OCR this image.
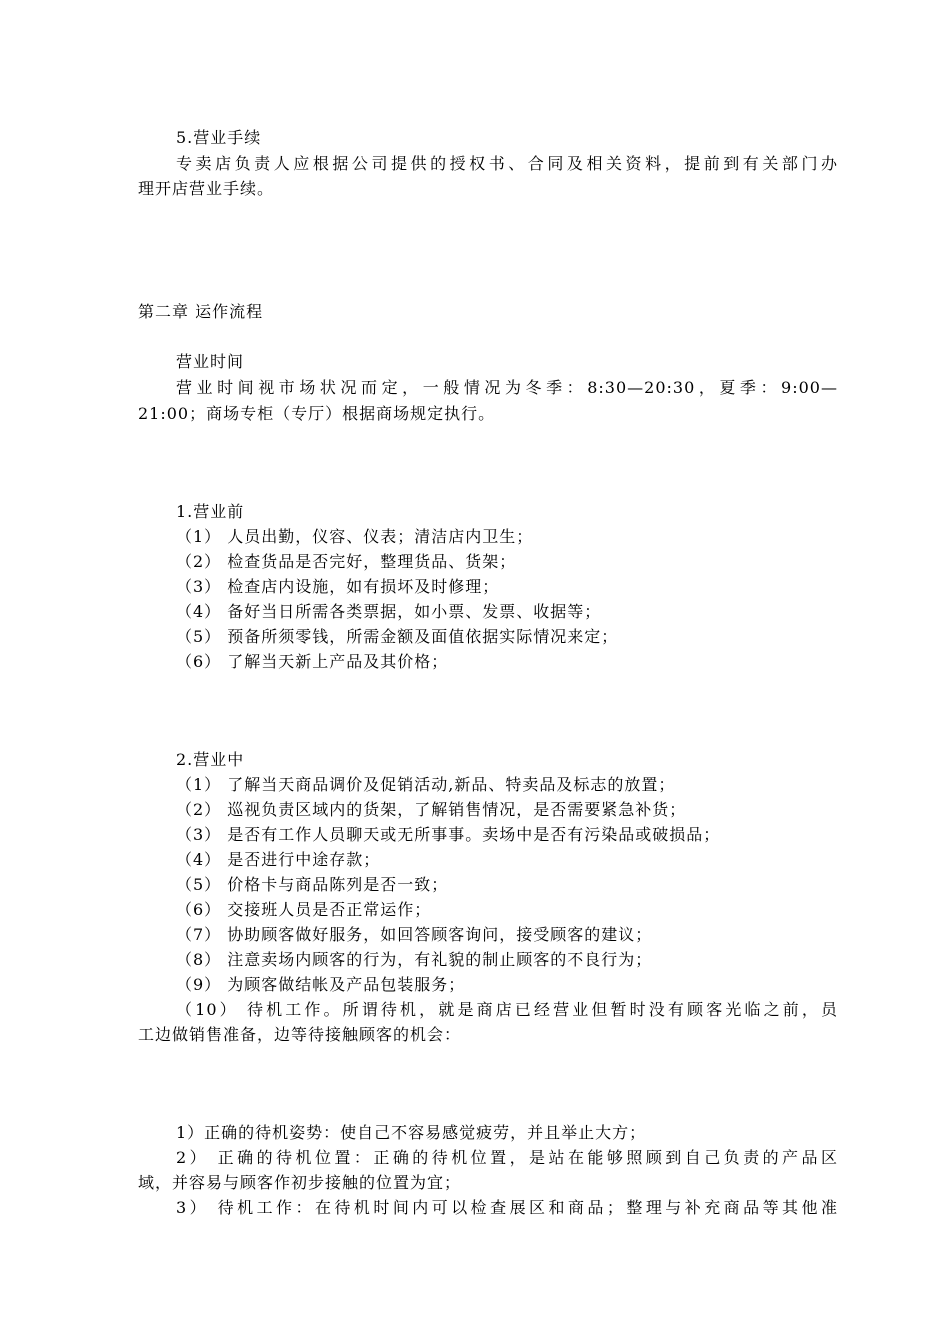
5.营业手续
专卖店负责人应根据公司提供的授权书、合同及相关资料，提前到有关部门办
理开店营业手续。
第二章 运作流程
营业时间
营业时间视市场状况而定，一般情况为冬季：8:30—20:30，夏季：9:00—
21:00；商场专柜（专厅）根据商场规定执行。
1.营业前
（1） 人员出勤，仪容、仪表；清洁店内卫生；
（2） 检查货品是否完好，整理货品、货架；
（3） 检查店内设施，如有损坏及时修理；
（4） 备好当日所需各类票据，如小票、发票、收据等；
（5） 预备所须零钱，所需金额及面值依据实际情况来定；
（6） 了解当天新上产品及其价格；
2.营业中
（1） 了解当天商品调价及促销活动,新品、特卖品及标志的放置；
（2） 巡视负责区域内的货架，了解销售情况，是否需要紧急补货；
（3） 是否有工作人员聊天或无所事事。卖场中是否有污染品或破损品；
（4） 是否进行中途存款；
（5） 价格卡与商品陈列是否一致；
（6） 交接班人员是否正常运作；
（7） 协助顾客做好服务，如回答顾客询问，接受顾客的建议；
（8） 注意卖场内顾客的行为，有礼貌的制止顾客的不良行为；
（9） 为顾客做结帐及产品包装服务；
（10） 待机工作。所谓待机，就是商店已经营业但暂时没有顾客光临之前，员
工边做销售准备，边等待接触顾客的机会：
1）正确的待机姿势：使自己不容易感觉疲劳，并且举止大方；
2） 正确的待机位置：正确的待机位置，是站在能够照顾到自己负责的产品区
域，并容易与顾客作初步接触的位置为宜；
3） 待机工作：在待机时间内可以检查展区和商品；整理与补充商品等其他准
